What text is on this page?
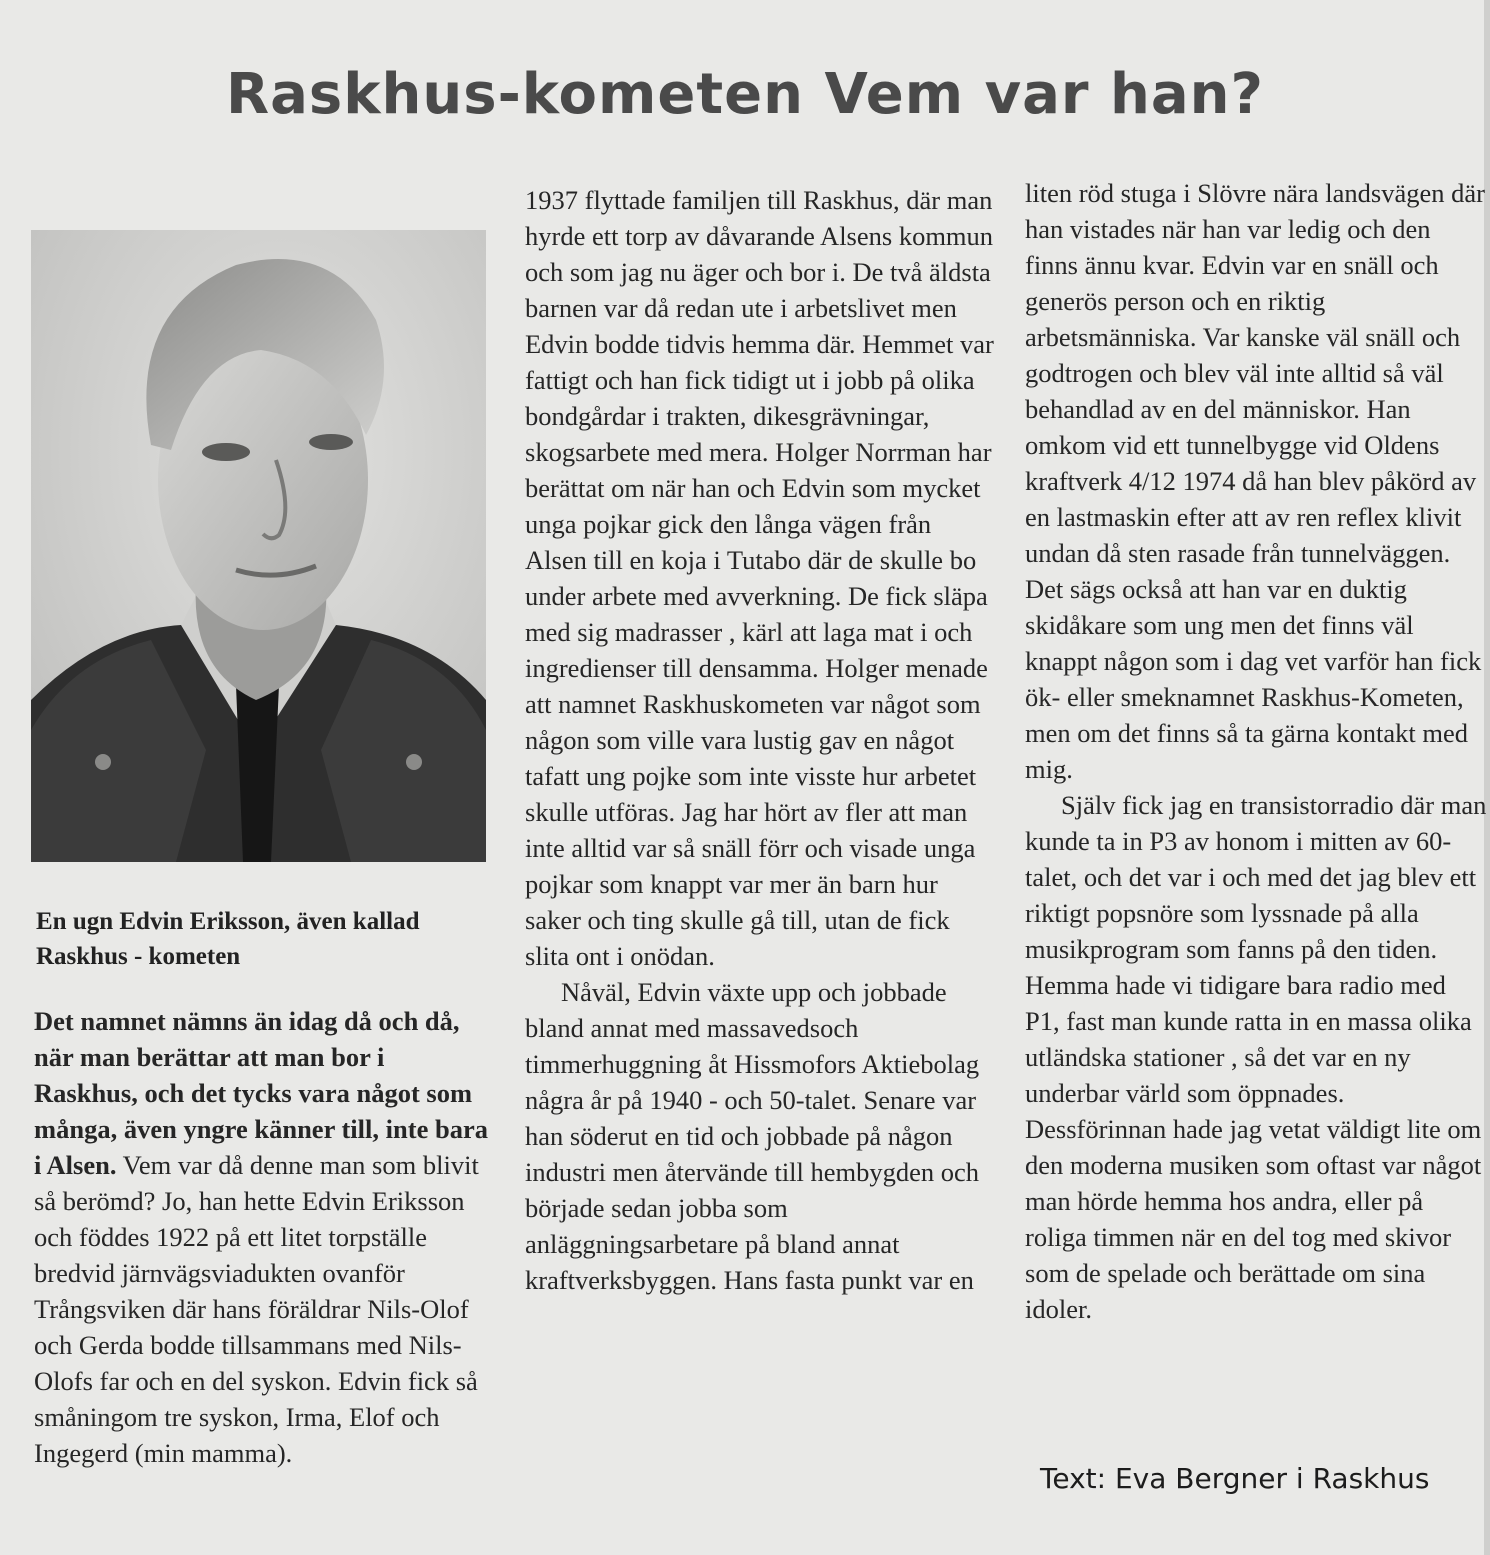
Raskhus-kometen Vem var han?

En ugn Edvin Eriksson, även kallad

Raskhus - kometen

Det namnet nämns än idag då och då, när man berättar att man bor i Raskhus, och det tycks vara något som många, även yngre känner till, inte bara i Alsen. Vem var då denne man som blivit så berömd? Jo, han hette Edvin Eriksson och föddes 1922 på ett litet torpställe bredvid järnvägsviadukten ovanför Trångsviken där hans föräldrar Nils-Olof och Gerda bodde tillsammans med Nils-Olofs far och en del syskon. Edvin fick så småningom tre syskon, Irma, Elof och Ingegerd (min mamma).

1937 flyttade familjen till Raskhus, där man hyrde ett torp av dåvarande Alsens kommun och som jag nu äger och bor i. De två äldsta barnen var då redan ute i arbetslivet men Edvin bodde tidvis hemma där. Hemmet var fattigt och han fick tidigt ut i jobb på olika bondgårdar i trakten, dikesgrävningar, skogsarbete med mera. Holger Norrman har berättat om när han och Edvin som mycket unga pojkar gick den långa vägen från Alsen till en koja i Tutabo där de skulle bo under arbete med avverkning. De fick släpa med sig madrasser , kärl att laga mat i och ingredienser till densamma. Holger menade att namnet Raskhuskometen var något som någon som ville vara lustig gav en något tafatt ung pojke som inte visste hur arbetet skulle utföras. Jag har hört av fler att man inte alltid var så snäll förr och visade unga pojkar som knappt var mer än barn hur saker och ting skulle gå till, utan de fick slita ont i onödan.

Nåväl, Edvin växte upp och jobbade bland annat med massavedsoch timmerhuggning åt Hissmofors Aktiebolag några år på 1940 - och 50-talet. Senare var han söderut en tid och jobbade på någon industri men återvände till hembygden och började sedan jobba som anläggningsarbetare på bland annat kraftverksbyggen. Hans fasta punkt var en

liten röd stuga i Slövre nära landsvägen där han vistades när han var ledig och den finns ännu kvar. Edvin var en snäll och generös person och en riktig arbetsmänniska. Var kanske väl snäll och godtrogen och blev väl inte alltid så väl behandlad av en del människor. Han omkom vid ett tunnelbygge vid Oldens kraftverk 4/12 1974 då han blev påkörd av en lastmaskin efter att av ren reflex klivit undan då sten rasade från tunnelväggen. Det sägs också att han var en duktig skidåkare som ung men det finns väl knappt någon som i dag vet varför han fick ök- eller smeknamnet Raskhus-Kometen, men om det finns så ta gärna kontakt med mig.

Själv fick jag en transistorradio där man kunde ta in P3 av honom i mitten av 60-talet, och det var i och med det jag blev ett riktigt popsnöre som lyssnade på alla musikprogram som fanns på den tiden. Hemma hade vi tidigare bara radio med P1, fast man kunde ratta in en massa olika utländska stationer , så det var en ny underbar värld som öppnades. Dessförinnan hade jag vetat väldigt lite om den moderna musiken som oftast var något man hörde hemma hos andra, eller på roliga timmen när en del tog med skivor som de spelade och berättade om sina idoler.

Text: Eva Bergner i Raskhus
